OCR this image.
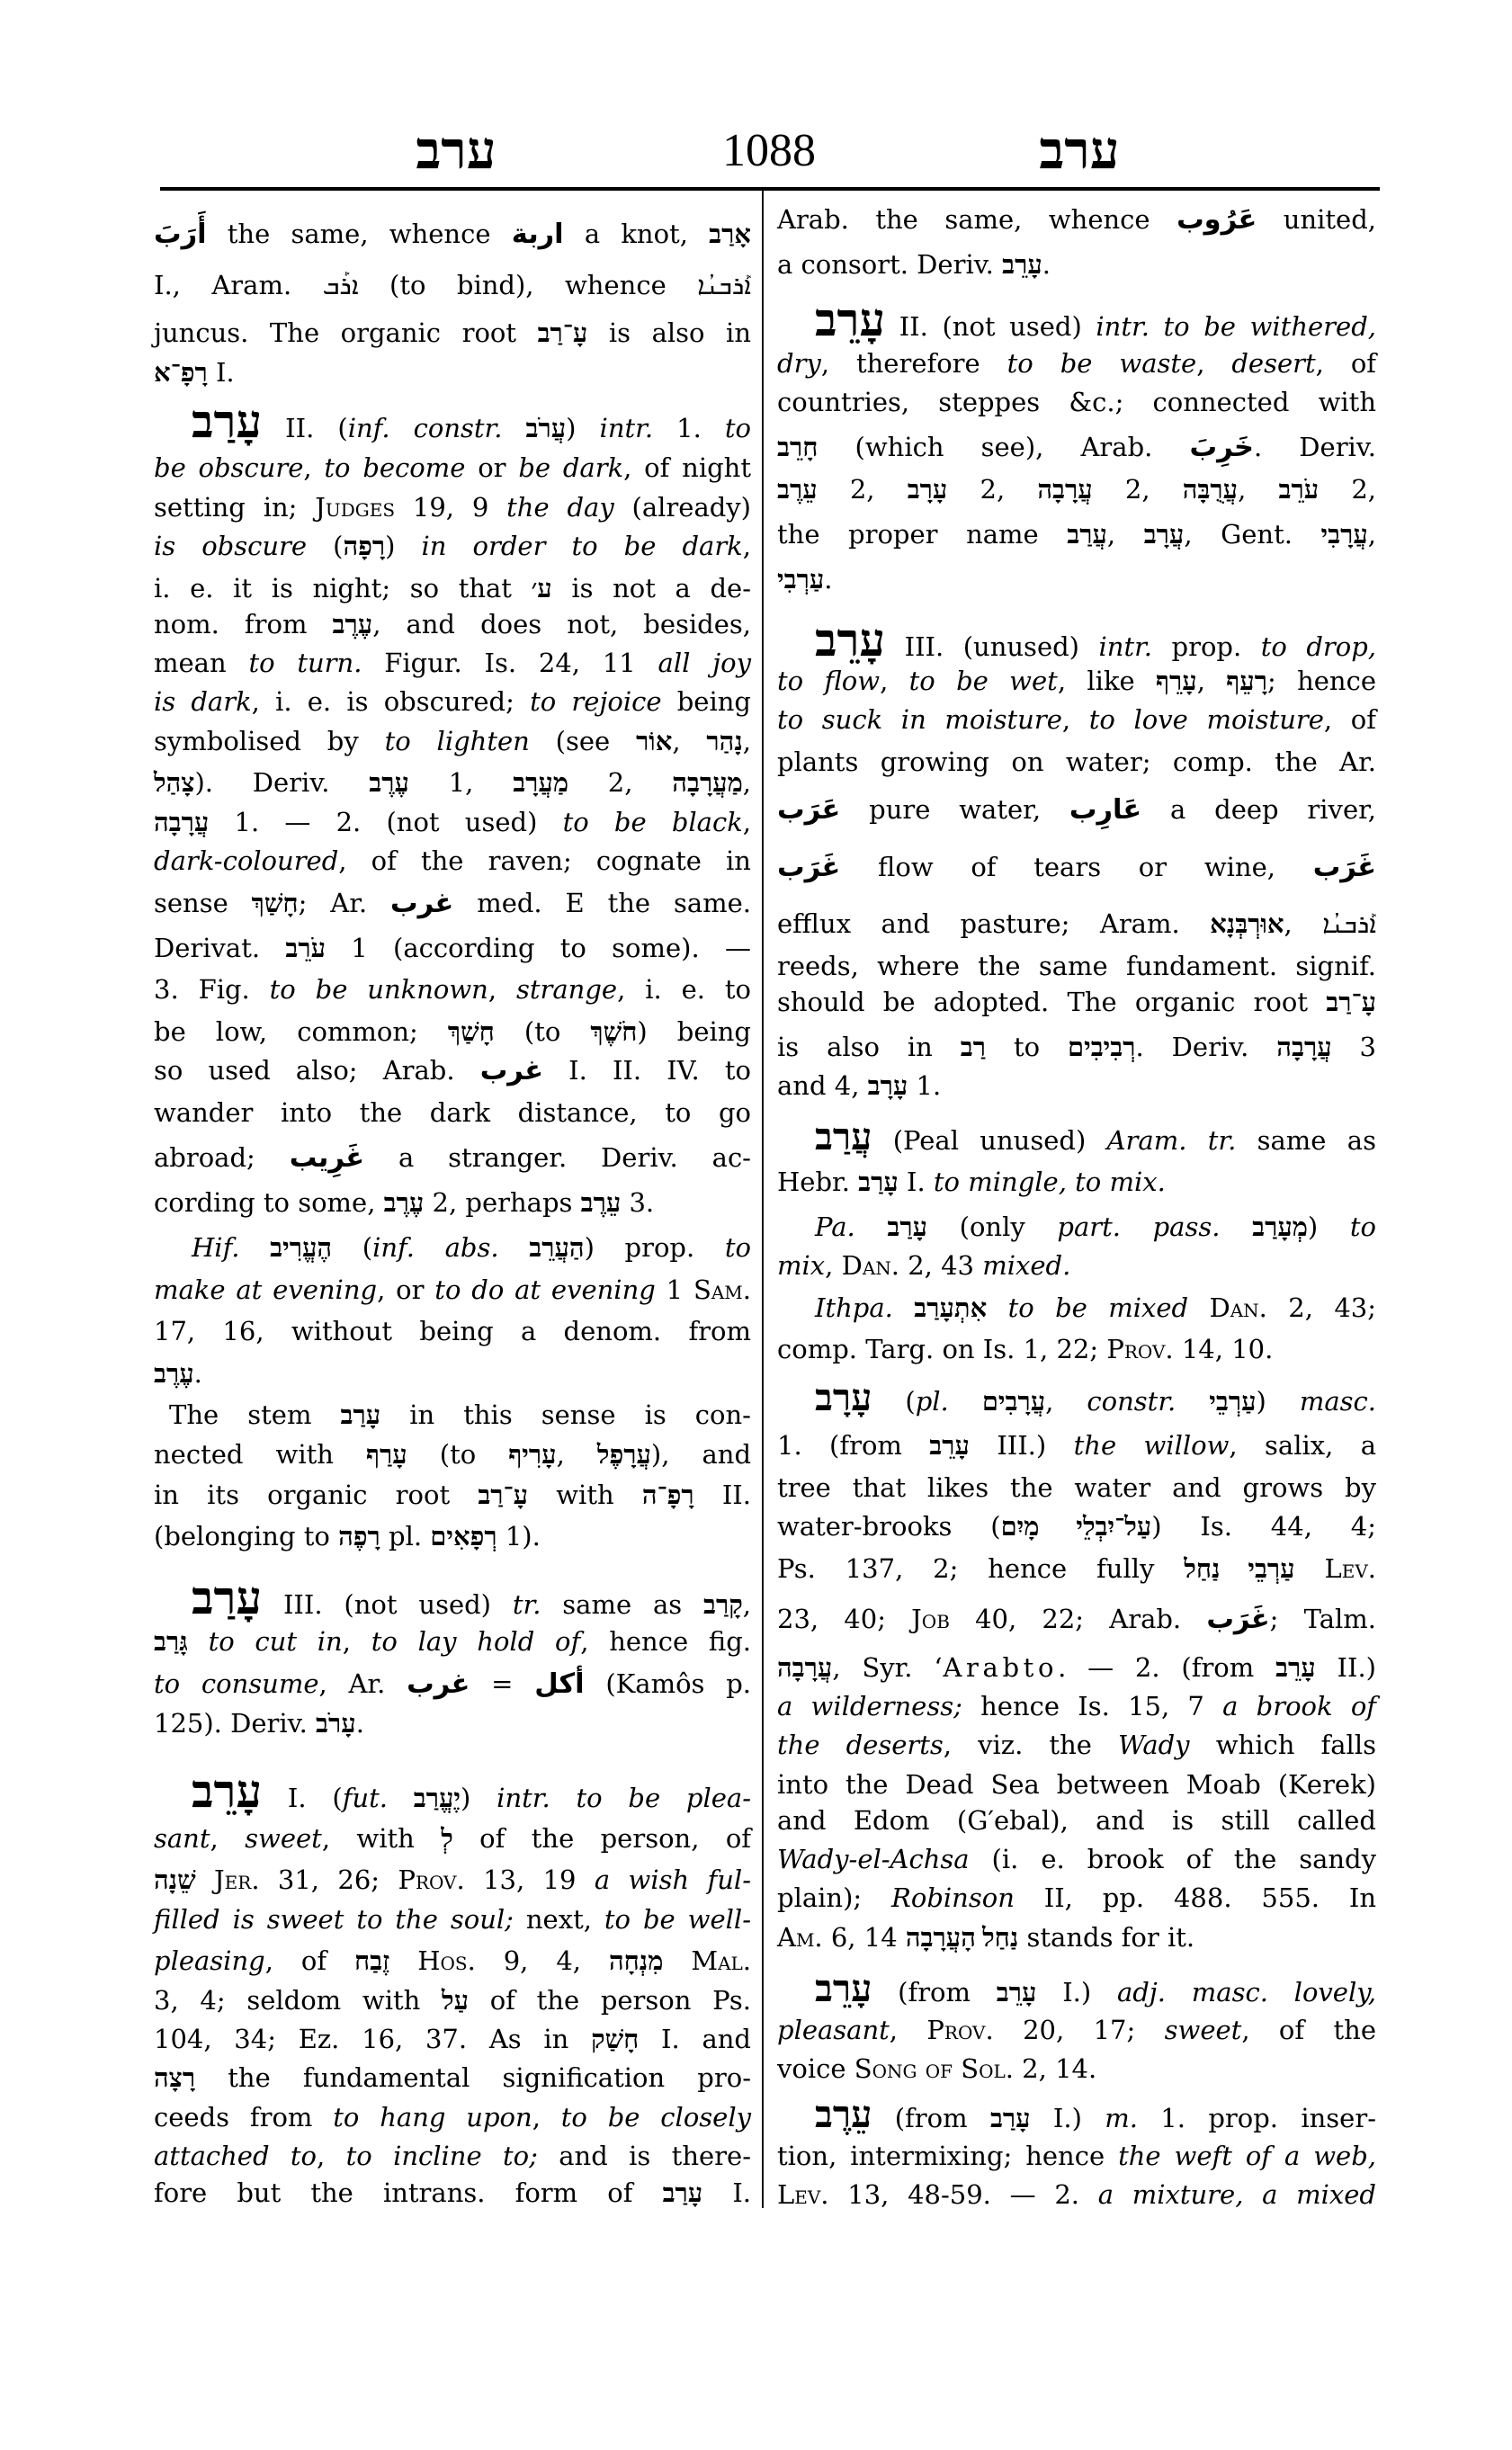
ערב	1088	ערב
أَرَبَ the same, whence اربة a knot, אָרַב
I., Aram. ܐܪܰܒ (to bind), whence ܐܰܪܒܢܳܐ
juncus. The organic root עָ־רַב is also in
רָפָ־א I.
עָרַב II. (inf. constr. עֲרֹב) intr. 1. to
be obscure, to become or be dark, of night
setting in; Judges 19, 9 the day (already)
is obscure (רָפָה) in order to be dark,
i. e. it is night; so that ע׳ is not a de-
nom. from עֶרֶב, and does not, besides,
mean to turn. Figur. Is. 24, 11 all joy
is dark, i. e. is obscured; to rejoice being
symbolised by to lighten (see אוֹר, נָהַר,
צָהַל). Deriv. עֶרֶב 1, מַעֲרָב 2, מַעֲרָבָה,
עֲרָבָה 1. — 2. (not used) to be black,
dark-coloured, of the raven; cognate in
sense חָשַׁךְ; Ar. غرب med. E the same.
Derivat. עֹרֵב 1 (according to some). —
3. Fig. to be unknown, strange, i. e. to
be low, common; חָשַׁךְ (to חֹשֶׁךְ) being
so used also; Arab. غرب I. II. IV. to
wander into the dark distance, to go
abroad; غَرِيب a stranger. Deriv. ac-
cording to some, עֶרֶב 2, perhaps עֵרֶב 3.
Hif. הֶעֱרִיב (inf. abs. הַעֲרֵב) prop. to
make at evening, or to do at evening 1 Sam.
17, 16, without being a denom. from
עֶרֶב.
The stem עָרַב in this sense is con-
nected with עָרַף (to עָרִיף, עֲרָפֶל), and
in its organic root עָ־רַב with רָפָ־ה II.
(belonging to רָפֶה pl. רְפָאִים 1).
עָרַב III. (not used) tr. same as קָרַב,
גָּרַב to cut in, to lay hold of, hence fig.
to consume, Ar. غرب = أكل (Kamôs p.
125). Deriv. עָרֹב.
עָרֵב I. (fut. יֶעֱרַב) intr. to be plea-
sant, sweet, with לְ of the person, of
שֵׁנָה Jer. 31, 26; Prov. 13, 19 a wish ful-
filled is sweet to the soul; next, to be well-
pleasing, of זֶבַח Hos. 9, 4, מִנְחָה Mal.
3, 4; seldom with עַל of the person Ps.
104, 34; Ez. 16, 37. As in חָשַׁק I. and
רָצָה the fundamental signification pro-
ceeds from to hang upon, to be closely
attached to, to incline to; and is there-
fore but the intrans. form of עָרַב I.
Arab. the same, whence عَرُوب united,
a consort. Deriv. עָרֵב.
עָרֵב II. (not used) intr. to be withered,
dry, therefore to be waste, desert, of
countries, steppes &c.; connected with
חָרֵב (which see), Arab. خَرِبَ. Deriv.
עֵרֶב 2, עָרָב 2, עֲרָבָה 2, עֲרֻבָּה, עֹרֵב 2,
the proper name עֲרַב, עֲרָב, Gent. עֲרָבִי,
עַרְבִי.
עָרֵב III. (unused) intr. prop. to drop,
to flow, to be wet, like עָרֵף, רָעֵף; hence
to suck in moisture, to love moisture, of
plants growing on water; comp. the Ar.
عَرَب pure water, عَارِب a deep river,
غَرَب flow of tears or wine, غَرَب
efflux and pasture; Aram. אוּרְבְּנָא, ܐܰܪܒܢܳܐ
reeds, where the same fundament. signif.
should be adopted. The organic root עָ־רַב
is also in רַב to רְבִיבִים. Deriv. עֲרָבָה 3
and 4, עָרָב 1.
עֲרַב (Peal unused) Aram. tr. same as
Hebr. עָרַב I. to mingle, to mix.
Pa. עָרַב (only part. pass. מְעָרַב) to
mix, Dan. 2, 43 mixed.
Ithpa. אִתְעָרַב to be mixed Dan. 2, 43;
comp. Targ. on Is. 1, 22; Prov. 14, 10.
עָרָב (pl. עֲרָבִים, constr. עַרְבֵי) masc.
1. (from עָרֵב III.) the willow, salix, a
tree that likes the water and grows by
water-brooks (עַל־יִבְלֵי מָיִם) Is. 44, 4;
Ps. 137, 2; hence fully עַרְבֵי נַחַל Lev.
23, 40; Job 40, 22; Arab. غَرَب; Talm.
עֲרָבָה, Syr. ʻArabto. — 2. (from עָרֵב II.)
a wilderness; hence Is. 15, 7 a brook of
the deserts, viz. the Wady which falls
into the Dead Sea between Moab (Kerek)
and Edom (G′ebal), and is still called
Wady-el-Achsa (i. e. brook of the sandy
plain); Robinson II, pp. 488. 555. In
Am. 6, 14 נַחַל הָעֲרָבָה stands for it.
עָרֵב (from עָרֵב I.) adj. masc. lovely,
pleasant, Prov. 20, 17; sweet, of the
voice Song of Sol. 2, 14.
עֵרֶב (from עָרַב I.) m. 1. prop. inser-
tion, intermixing; hence the weft of a web,
Lev. 13, 48-59. — 2. a mixture, a mixed
